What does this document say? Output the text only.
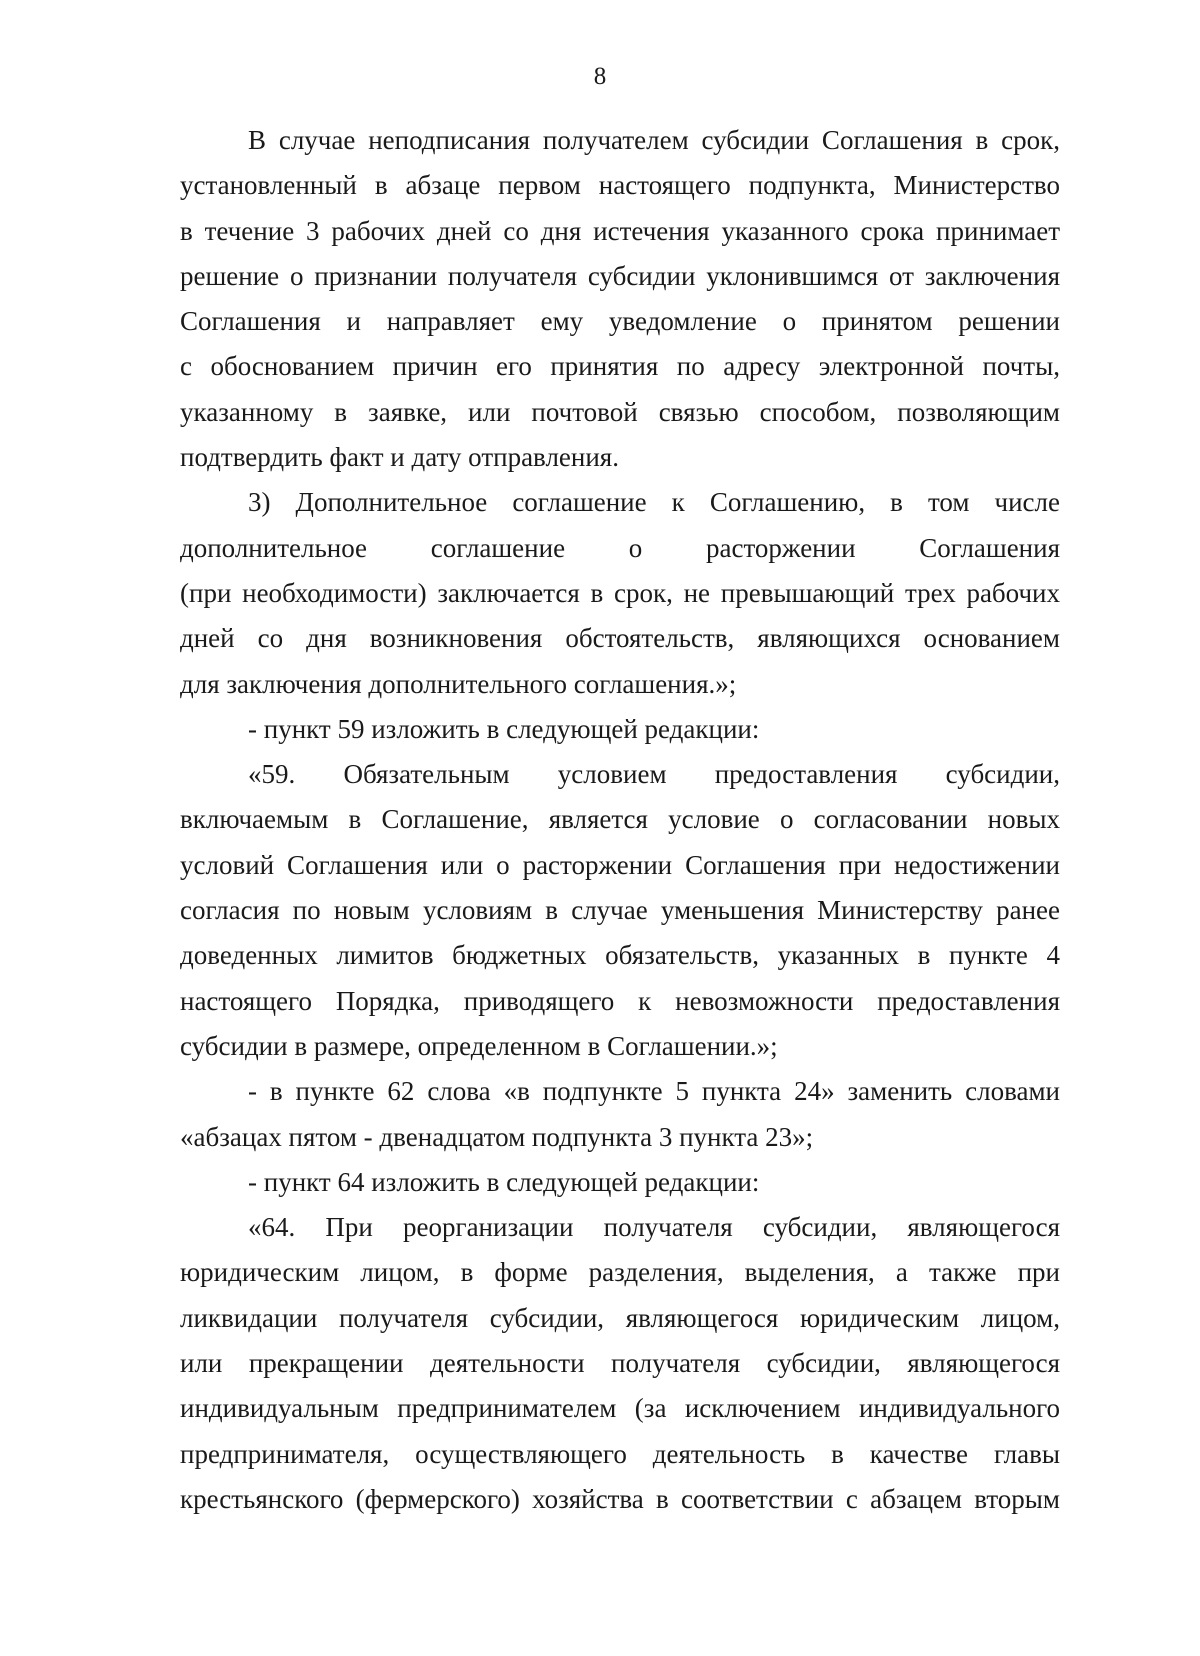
8
В случае неподписания получателем субсидии Соглашения в срок,
установленный в абзаце первом настоящего подпункта, Министерство
в течение 3 рабочих дней со дня истечения указанного срока принимает
решение о признании получателя субсидии уклонившимся от заключения
Соглашения и направляет ему уведомление о принятом решении
с обоснованием причин его принятия по адресу электронной почты,
указанному в заявке, или почтовой связью способом, позволяющим
подтвердить факт и дату отправления.
3) Дополнительное соглашение к Соглашению, в том числе
дополнительное соглашение о расторжении Соглашения
(при необходимости) заключается в срок, не превышающий трех рабочих
дней со дня возникновения обстоятельств, являющихся основанием
для заключения дополнительного соглашения.»;
- пункт 59 изложить в следующей редакции:
«59. Обязательным условием предоставления субсидии,
включаемым в Соглашение, является условие о согласовании новых
условий Соглашения или о расторжении Соглашения при недостижении
согласия по новым условиям в случае уменьшения Министерству ранее
доведенных лимитов бюджетных обязательств, указанных в пункте 4
настоящего Порядка, приводящего к невозможности предоставления
субсидии в размере, определенном в Соглашении.»;
- в пункте 62 слова «в подпункте 5 пункта 24» заменить словами
«абзацах пятом - двенадцатом подпункта 3 пункта 23»;
- пункт 64 изложить в следующей редакции:
«64. При реорганизации получателя субсидии, являющегося
юридическим лицом, в форме разделения, выделения, а также при
ликвидации получателя субсидии, являющегося юридическим лицом,
или прекращении деятельности получателя субсидии, являющегося
индивидуальным предпринимателем (за исключением индивидуального
предпринимателя, осуществляющего деятельность в качестве главы
крестьянского (фермерского) хозяйства в соответствии с абзацем вторым
